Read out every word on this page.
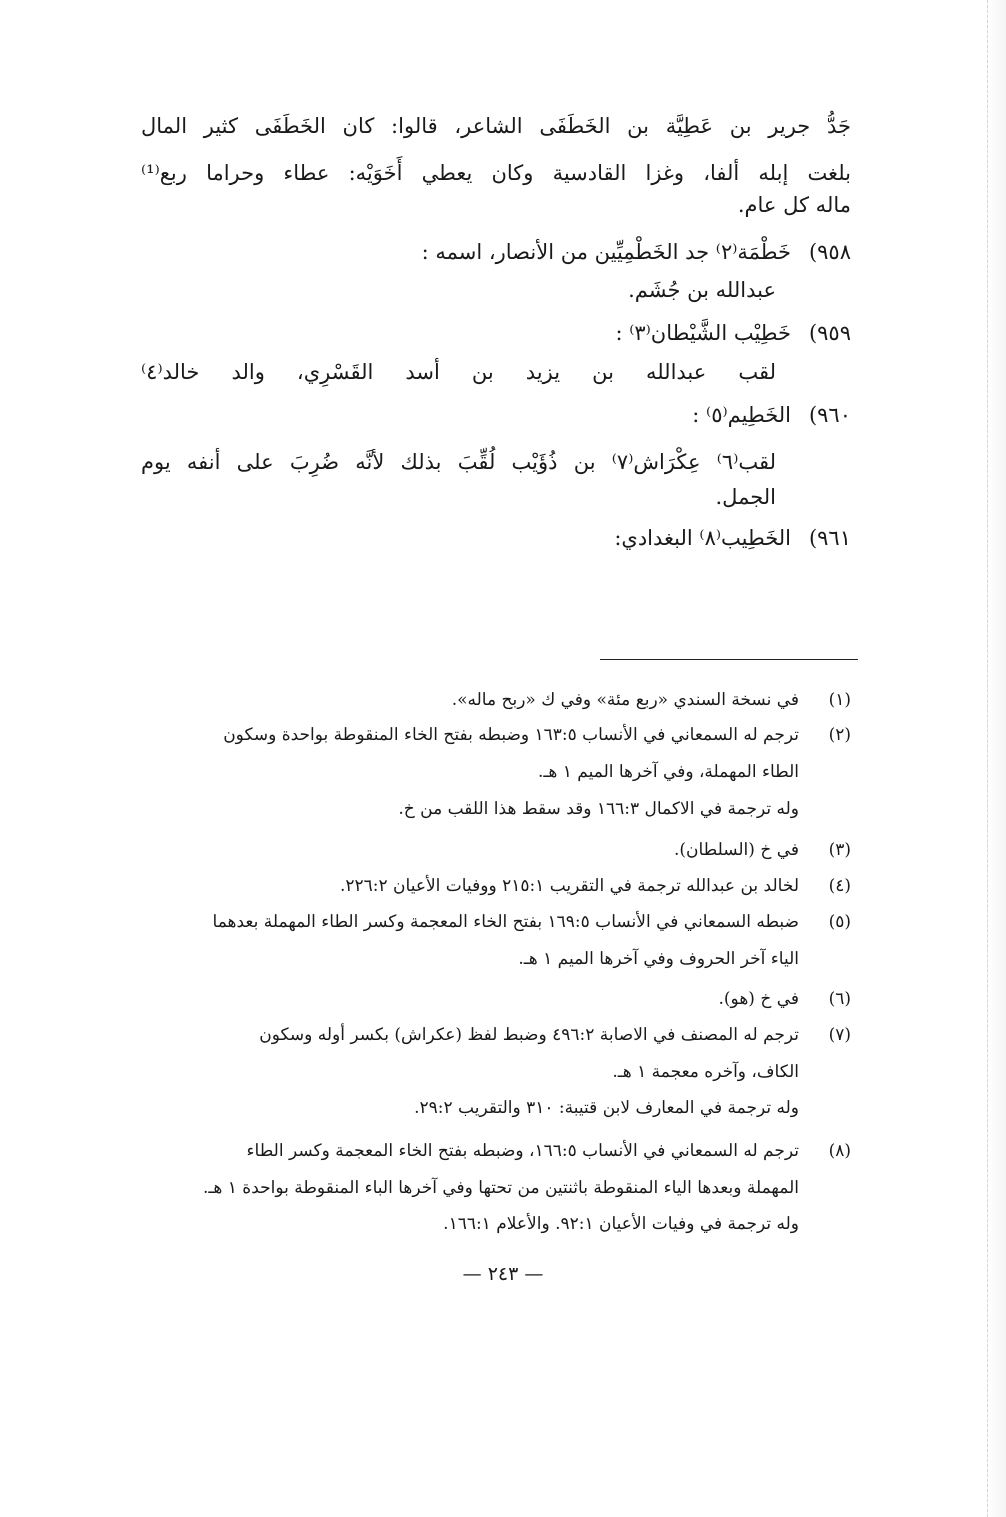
جَدُّ جرير بن عَطِيَّة بن الخَطَفَى الشاعر، قالوا: كان الخَطَفَى كثير المال
بلغت إبله ألفا، وغزا القادسية وكان يعطي أَخَوَيْه: عطاء وحراما ربع⁽¹⁾
ماله كل عام.
٩٥٨)خَطْمَة⁽٢⁾ جد الخَطْمِيِّين من الأنصار، اسمه :
عبدالله بن جُشَم.
٩٥٩)خَطِيْب الشَّيْطان⁽٣⁾ :
لقب عبدالله بن يزيد بن أسد القَسْرِي، والد خالد⁽٤⁾
٩٦٠)الخَطِيم⁽٥⁾ :
لقب⁽٦⁾ عِكْرَاش⁽٧⁾ بن ذُؤَيْب لُقِّبَ بذلك لأنَّه ضُرِبَ على أنفه يوم
الجمل.
٩٦١)الخَطِيب⁽٨⁾ البغدادي:
(١)في نسخة السندي «ربع مئة» وفي ك «ربح ماله».
(٢)ترجم له السمعاني في الأنساب ١٦٣:٥ وضبطه بفتح الخاء المنقوطة بواحدة وسكون
الطاء المهملة، وفي آخرها الميم ١ هـ.
وله ترجمة في الاكمال ١٦٦:٣ وقد سقط هذا اللقب من خ.
(٣)في خ (السلطان).
(٤)لخالد بن عبدالله ترجمة في التقريب ٢١٥:١ ووفيات الأعيان ٢٢٦:٢.
(٥)ضبطه السمعاني في الأنساب ١٦٩:٥ بفتح الخاء المعجمة وكسر الطاء المهملة بعدهما
الياء آخر الحروف وفي آخرها الميم ١ هـ.
(٦)في خ (هو).
(٧)ترجم له المصنف في الاصابة ٤٩٦:٢ وضبط لفظ (عكراش) بكسر أوله وسكون
الكاف، وآخره معجمة ١ هـ.
وله ترجمة في المعارف لابن قتيبة: ٣١٠ والتقريب ٢٩:٢.
(٨)ترجم له السمعاني في الأنساب ١٦٦:٥، وضبطه بفتح الخاء المعجمة وكسر الطاء
المهملة وبعدها الياء المنقوطة باثنتين من تحتها وفي آخرها الباء المنقوطة بواحدة ١ هـ.
وله ترجمة في وفيات الأعيان ٩٢:١. والأعلام ١٦٦:١.
— ٢٤٣ —
